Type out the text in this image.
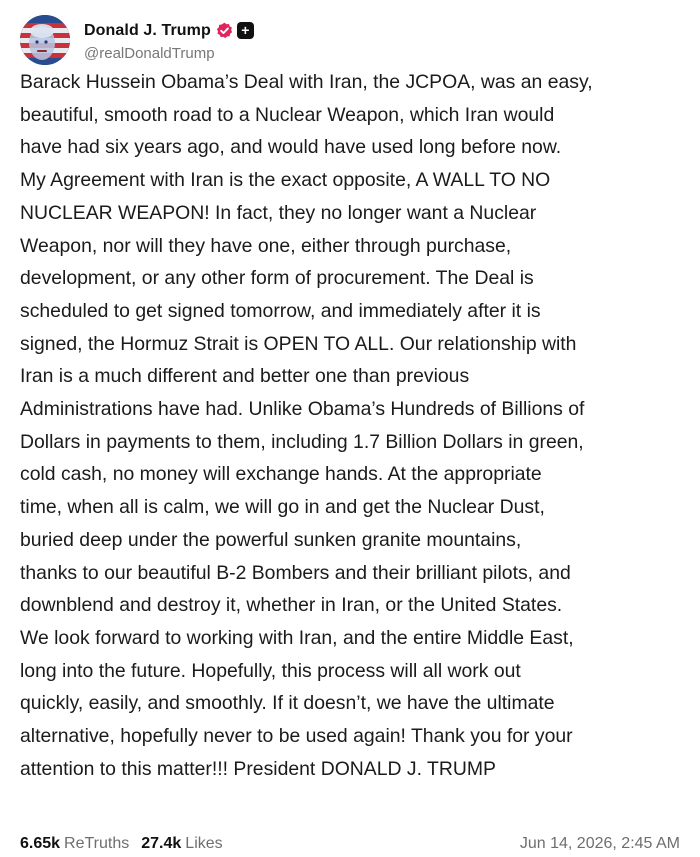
Donald J. Trump	+
@realDonaldTrump
Barack Hussein Obama’s Deal with Iran, the JCPOA, was an easy,
beautiful, smooth road to a Nuclear Weapon, which Iran would
have had six years ago, and would have used long before now.
My Agreement with Iran is the exact opposite, A WALL TO NO
NUCLEAR WEAPON! In fact, they no longer want a Nuclear
Weapon, nor will they have one, either through purchase,
development, or any other form of procurement. The Deal is
scheduled to get signed tomorrow, and immediately after it is
signed, the Hormuz Strait is OPEN TO ALL. Our relationship with
Iran is a much different and better one than previous
Administrations have had. Unlike Obama’s Hundreds of Billions of
Dollars in payments to them, including 1.7 Billion Dollars in green,
cold cash, no money will exchange hands. At the appropriate
time, when all is calm, we will go in and get the Nuclear Dust,
buried deep under the powerful sunken granite mountains,
thanks to our beautiful B-2 Bombers and their brilliant pilots, and
downblend and destroy it, whether in Iran, or the United States.
We look forward to working with Iran, and the entire Middle East,
long into the future. Hopefully, this process will all work out
quickly, easily, and smoothly. If it doesn’t, we have the ultimate
alternative, hopefully never to be used again! Thank you for your
attention to this matter!!! President DONALD J. TRUMP
6.65k ReTruths 27.4k Likes	Jun 14, 2026, 2:45 AM
